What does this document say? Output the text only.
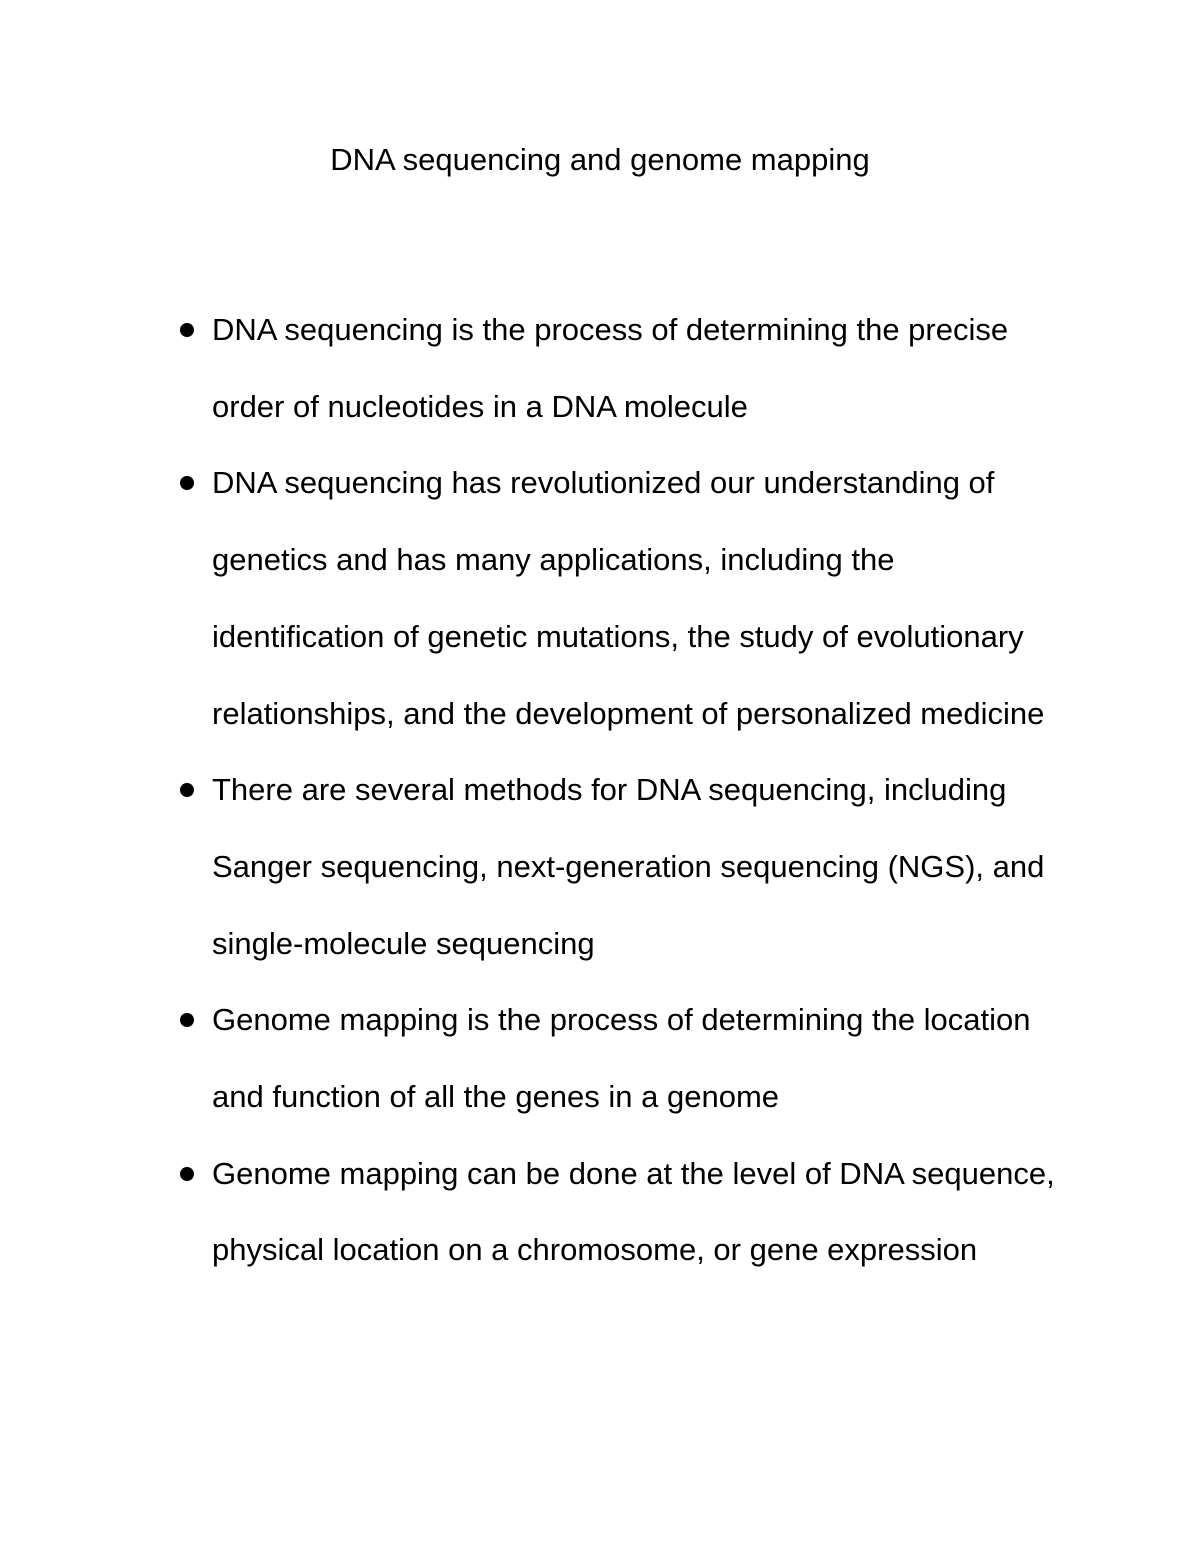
DNA sequencing and genome mapping
DNA sequencing is the process of determining the precise order of nucleotides in a DNA molecule
DNA sequencing has revolutionized our understanding of genetics and has many applications, including the identification of genetic mutations, the study of evolutionary relationships, and the development of personalized medicine
There are several methods for DNA sequencing, including Sanger sequencing, next-generation sequencing (NGS), and single-molecule sequencing
Genome mapping is the process of determining the location and function of all the genes in a genome
Genome mapping can be done at the level of DNA sequence, physical location on a chromosome, or gene expression
